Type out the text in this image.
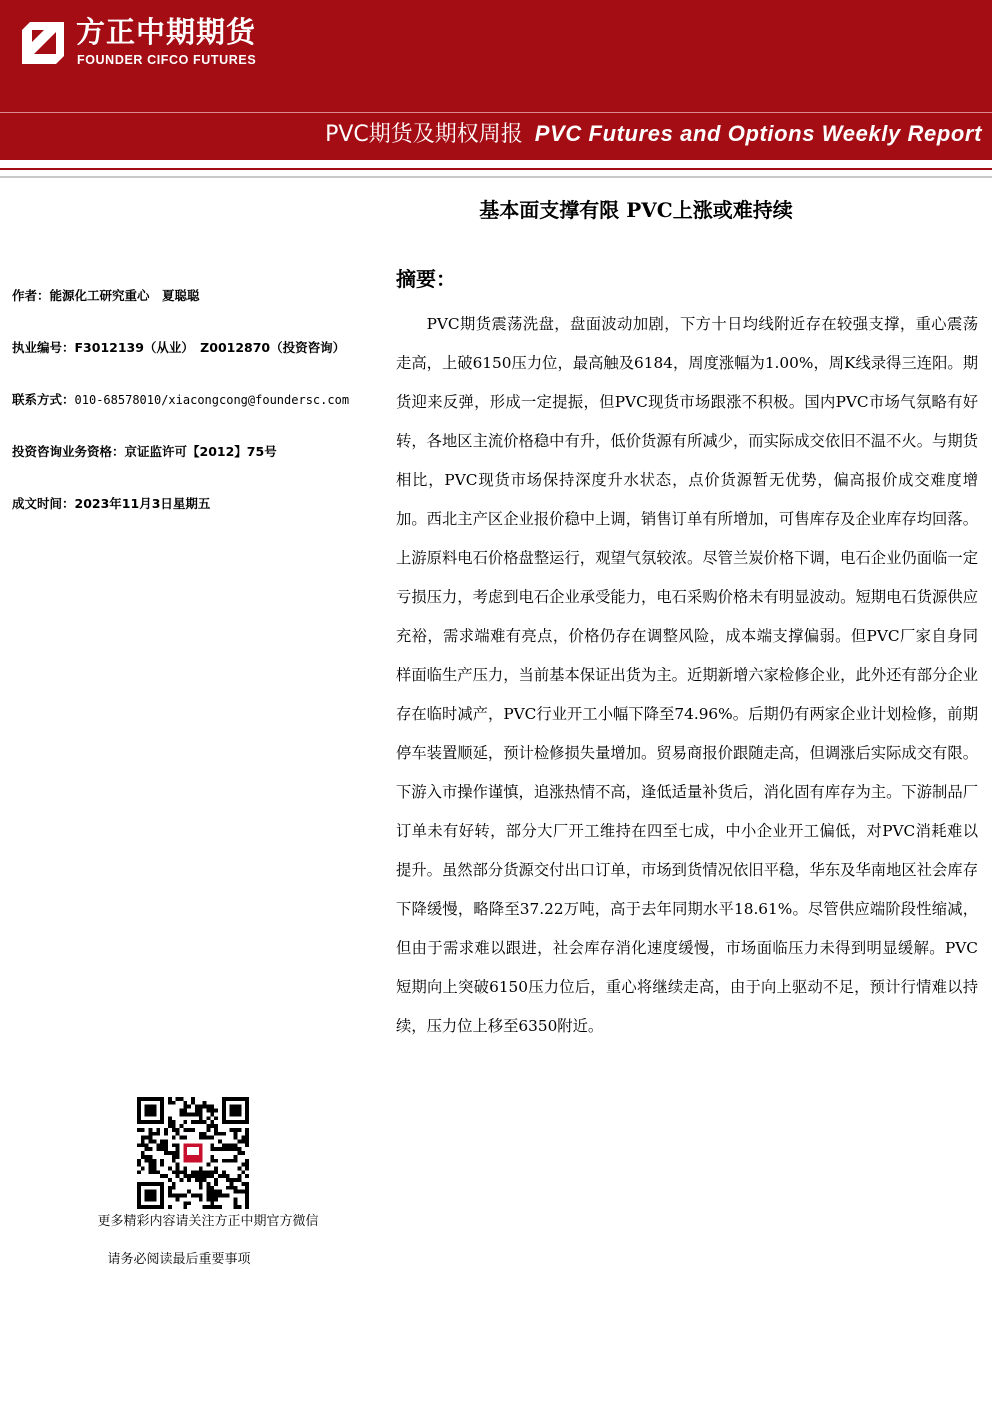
方正中期期货
FOUNDER CIFCO FUTURES
PVC期货及期权周报 PVC Futures and Options Weekly Report
基本面支撑有限 PVC上涨或难持续
作者：能源化工研究重心　夏聪聪
执业编号：F3012139（从业）　Z0012870（投资咨询）
联系方式：010-68578010/xiacongcong@foundersc.com
投资咨询业务资格：京证监许可【2012】75号
成文时间：2023年11月3日星期五
更多精彩内容请关注方正中期官方微信
请务必阅读最后重要事项
摘要：

PVC期货震荡洗盘，盘面波动加剧，下方十日均线附近存在较强支撑，重心震荡走高，上破6150压力位，最高触及6184，周度涨幅为1.00%，周K线录得三连阳。期货迎来反弹，形成一定提振，但PVC现货市场跟涨不积极。国内PVC市场气氛略有好转，各地区主流价格稳中有升，低价货源有所减少，而实际成交依旧不温不火。与期货相比，PVC现货市场保持深度升水状态，点价货源暂无优势，偏高报价成交难度增加。西北主产区企业报价稳中上调，销售订单有所增加，可售库存及企业库存均回落。上游原料电石价格盘整运行，观望气氛较浓。尽管兰炭价格下调，电石企业仍面临一定亏损压力，考虑到电石企业承受能力，电石采购价格未有明显波动。短期电石货源供应充裕，需求端难有亮点，价格仍存在调整风险，成本端支撑偏弱。但PVC厂家自身同样面临生产压力，当前基本保证出货为主。近期新增六家检修企业，此外还有部分企业存在临时减产，PVC行业开工小幅下降至74.96%。后期仍有两家企业计划检修，前期停车装置顺延，预计检修损失量增加。贸易商报价跟随走高，但调涨后实际成交有限。下游入市操作谨慎，追涨热情不高，逢低适量补货后，消化固有库存为主。下游制品厂订单未有好转，部分大厂开工维持在四至七成，中小企业开工偏低，对PVC消耗难以提升。虽然部分货源交付出口订单，市场到货情况依旧平稳，华东及华南地区社会库存下降缓慢，略降至37.22万吨，高于去年同期水平18.61%。尽管供应端阶段性缩减，但由于需求难以跟进，社会库存消化速度缓慢，市场面临压力未得到明显缓解。PVC短期向上突破6150压力位后，重心将继续走高，由于向上驱动不足，预计行情难以持续，压力位上移至6350附近。
